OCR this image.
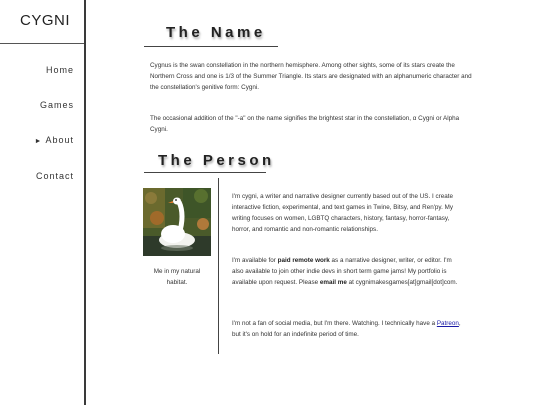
CYGNI
Home
Games
► About
Contact
The Name
Cygnus is the swan constellation in the northern hemisphere. Among other sights, some of its stars create the Northern Cross and one is 1/3 of the Summer Triangle. Its stars are designated with an alphanumeric character and the constellation's genitive form: Cygni.
The occasional addition of the "-a" on the name signifies the brightest star in the constellation, α Cygni or Alpha Cygni.
The Person
Me in my natural habitat.
I'm cygni, a writer and narrative designer currently based out of the US. I create interactive fiction, experimental, and text games in Twine, Bitsy, and Ren'py. My writing focuses on women, LGBTQ characters, history, fantasy, horror-fantasy, horror, and romantic and non-romantic relationships.
I'm available for paid remote work as a narrative designer, writer, or editor. I'm also available to join other indie devs in short term game jams! My portfolio is available upon request. Please email me at cygnimakesgames[at]gmail[dot]com.
I'm not a fan of social media, but I'm there. Watching. I technically have a Patreon, but it's on hold for an indefinite period of time.
